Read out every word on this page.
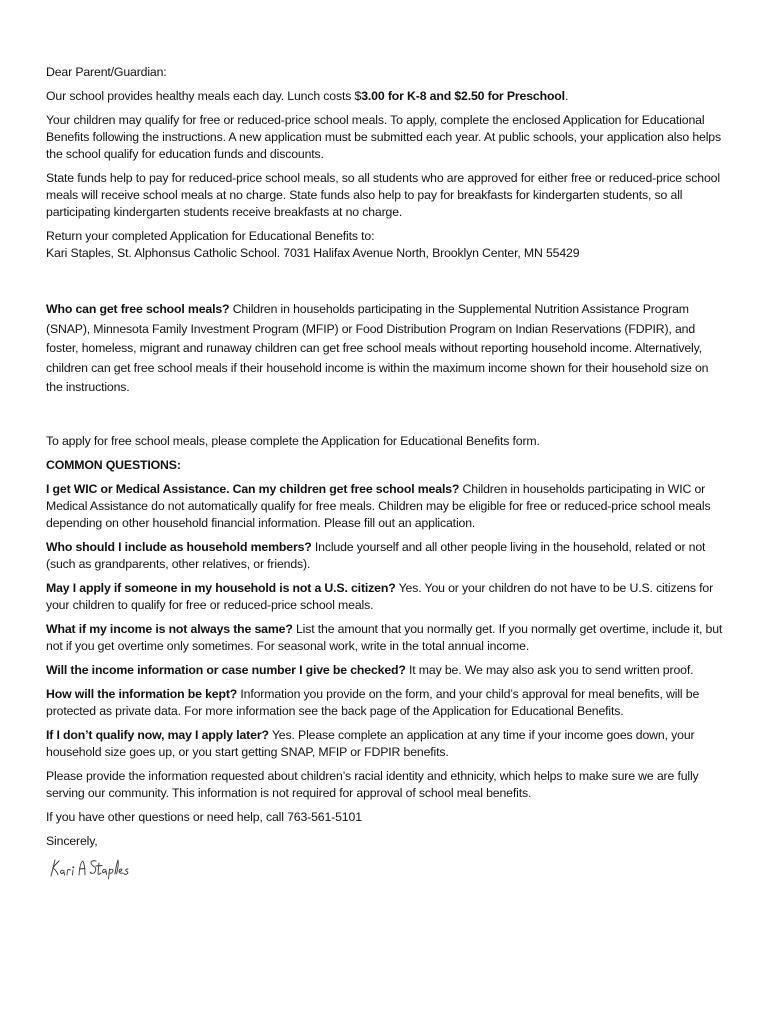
Dear Parent/Guardian:

Our school provides healthy meals each day. Lunch costs $3.00 for K-8 and $2.50 for Preschool.

Your children may qualify for free or reduced-price school meals. To apply, complete the enclosed Application for Educational Benefits following the instructions. A new application must be submitted each year. At public schools, your application also helps the school qualify for education funds and discounts.

State funds help to pay for reduced-price school meals, so all students who are approved for either free or reduced-price school meals will receive school meals at no charge. State funds also help to pay for breakfasts for kindergarten students, so all participating kindergarten students receive breakfasts at no charge.

Return your completed Application for Educational Benefits to:

Kari Staples, St. Alphonsus Catholic School. 7031 Halifax Avenue North, Brooklyn Center, MN 55429

Who can get free school meals? Children in households participating in the Supplemental Nutrition Assistance Program (SNAP), Minnesota Family Investment Program (MFIP) or Food Distribution Program on Indian Reservations (FDPIR), and foster, homeless, migrant and runaway children can get free school meals without reporting household income. Alternatively, children can get free school meals if their household income is within the maximum income shown for their household size on the instructions.

To apply for free school meals, please complete the Application for Educational Benefits form.

COMMON QUESTIONS:

I get WIC or Medical Assistance. Can my children get free school meals? Children in households participating in WIC or Medical Assistance do not automatically qualify for free meals. Children may be eligible for free or reduced-price school meals depending on other household financial information. Please fill out an application.

Who should I include as household members? Include yourself and all other people living in the household, related or not (such as grandparents, other relatives, or friends).

May I apply if someone in my household is not a U.S. citizen? Yes. You or your children do not have to be U.S. citizens for your children to qualify for free or reduced-price school meals.

What if my income is not always the same? List the amount that you normally get. If you normally get overtime, include it, but not if you get overtime only sometimes. For seasonal work, write in the total annual income.

Will the income information or case number I give be checked? It may be. We may also ask you to send written proof.

How will the information be kept? Information you provide on the form, and your child’s approval for meal benefits, will be protected as private data. For more information see the back page of the Application for Educational Benefits.

If I don’t qualify now, may I apply later? Yes. Please complete an application at any time if your income goes down, your household size goes up, or you start getting SNAP, MFIP or FDPIR benefits.

Please provide the information requested about children’s racial identity and ethnicity, which helps to make sure we are fully serving our community. This information is not required for approval of school meal benefits.

If you have other questions or need help, call 763-561-5101

Sincerely,
